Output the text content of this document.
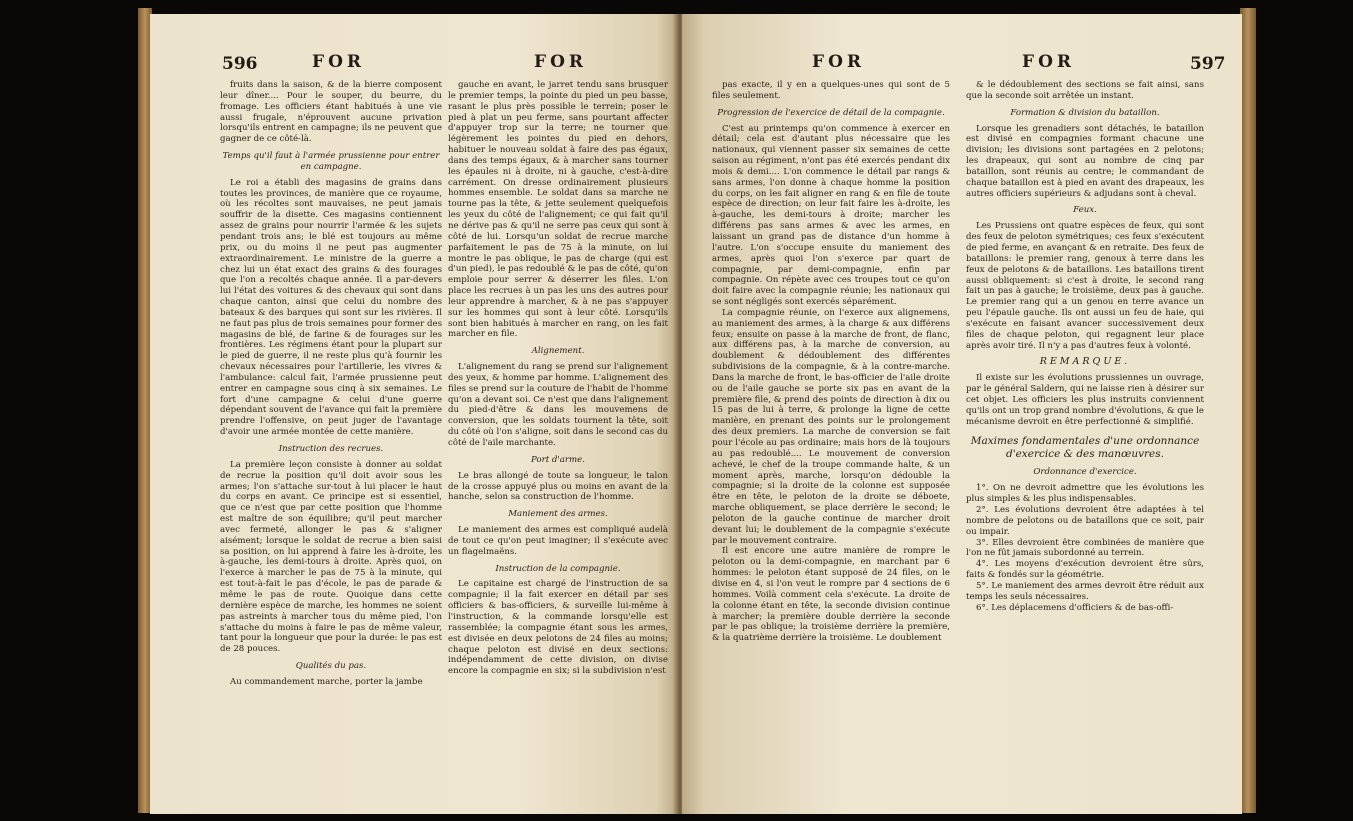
596	FOR	FOR

fruits dans la saison, & de la bierre composent leur dîner.... Pour le souper, du beurre, du fromage. Les officiers étant habitués à une vie aussi frugale, n'éprouvent aucune privation lorsqu'ils entrent en campagne; ils ne peuvent que gagner de ce côté-là.

Temps qu'il faut à l'armée prussienne pour entrer en campagne.

Le roi a établi des magasins de grains dans toutes les provinces, de manière que ce royaume, où les récoltes sont mauvaises, ne peut jamais souffrir de la disette. Ces magasins contiennent assez de grains pour nourrir l'armée & les sujets pendant trois ans; le blé est toujours au même prix, ou du moins il ne peut pas augmenter extraordinairement. Le ministre de la guerre a chez lui un état exact des grains & des fourages que l'on a recoltés chaque année. Il a par-devers lui l'état des voitures & des chevaux qui sont dans chaque canton, ainsi que celui du nombre des bateaux & des barques qui sont sur les rivières. Il ne faut pas plus de trois semaines pour former des magasins de blé, de farine & de fourages sur les frontières. Les régimens étant pour la plupart sur le pied de guerre, il ne reste plus qu'à fournir les chevaux nécessaires pour l'artillerie, les vivres & l'ambulance: calcul fait, l'armée prussienne peut entrer en campagne sous cinq à six semaines. Le fort d'une campagne & celui d'une guerre dépendant souvent de l'avance qui fait la première prendre l'offensive, on peut juger de l'avantage d'avoir une armée montée de cette manière.

Instruction des recrues.

La première leçon consiste à donner au soldat de recrue la position qu'il doit avoir sous les armes; l'on s'attache sur-tout à lui placer le haut du corps en avant. Ce principe est si essentiel, que ce n'est que par cette position que l'homme est maître de son équilibre; qu'il peut marcher avec fermeté, allonger le pas & s'aligner aisément; lorsque le soldat de recrue a bien saisi sa position, on lui apprend à faire les à-droite, les à-gauche, les demi-tours à droite. Après quoi, on l'exerce à marcher le pas de 75 à la minute, qui est tout-à-fait le pas d'école, le pas de parade & même le pas de route. Quoique dans cette dernière espèce de marche, les hommes ne soient pas astreints à marcher tous du même pied, l'on s'attache du moins à faire le pas de même valeur, tant pour la longueur que pour la durée: le pas est de 28 pouces.

Qualités du pas.

Au commandement marche, porter la jambe

gauche en avant, le jarret tendu sans brusquer le premier temps, la pointe du pied un peu basse, rasant le plus près possible le terrein; poser le pied à plat un peu ferme, sans pourtant affecter d'appuyer trop sur la terre; ne tourner que légèrement les pointes du pied en dehors, habituer le nouveau soldat à faire des pas égaux, dans des temps égaux, & à marcher sans tourner les épaules ni à droite, ni à gauche, c'est-à-dire carrément. On dresse ordinairement plusieurs hommes ensemble. Le soldat dans sa marche ne tourne pas la tête, & jette seulement quelquefois les yeux du côté de l'alignement; ce qui fait qu'il ne dérive pas & qu'il ne serre pas ceux qui sont à côté de lui. Lorsqu'un soldat de recrue marche parfaitement le pas de 75 à la minute, on lui montre le pas oblique, le pas de charge (qui est d'un pied), le pas redoublé & le pas de côté, qu'on emploie pour serrer & déserrer les files. L'on place les recrues à un pas les uns des autres pour leur apprendre à marcher, & à ne pas s'appuyer sur les hommes qui sont à leur côté. Lorsqu'ils sont bien habitués à marcher en rang, on les fait marcher en file.

Alignement.

L'alignement du rang se prend sur l'alignement des yeux, & homme par homme. L'alignement des files se prend sur la couture de l'habit de l'homme qu'on a devant soi. Ce n'est que dans l'alignement du pied-d'être & dans les mouvemens de conversion, que les soldats tournent la tête, soit du côté où l'on s'aligne, soit dans le second cas du côté de l'aile marchante.

Port d'arme.

Le bras allongé de toute sa longueur, le talon de la crosse appuyé plus ou moins en avant de la hanche, selon sa construction de l'homme.

Maniement des armes.

Le maniement des armes est compliqué audelà de tout ce qu'on peut imaginer; il s'exécute avec un flagelmaëns.

Instruction de la compagnie.

Le capitaine est chargé de l'instruction de sa compagnie; il la fait exercer en détail par ses officiers & bas-officiers, & surveille lui-même à l'instruction, & la commande lorsqu'elle est rassemblée; la compagnie étant sous les armes, est divisée en deux pelotons de 24 files au moins; chaque peloton est divisé en deux sections: indépendamment de cette division, on divise encore la compagnie en six; si la subdivision n'est

FOR	FOR	597

pas exacte, il y en a quelques-unes qui sont de 5 files seulement.

Progression de l'exercice de détail de la compagnie.

C'est au printemps qu'on commence à exercer en détail; cela est d'autant plus nécessaire que les nationaux, qui viennent passer six semaines de cette saison au régiment, n'ont pas été exercés pendant dix mois & demi.... L'on commence le détail par rangs & sans armes, l'on donne à chaque homme la position du corps, on les fait aligner en rang & en file de toute espèce de direction; on leur fait faire les à-droite, les à-gauche, les demi-tours à droite; marcher les différens pas sans armes & avec les armes, en laissant un grand pas de distance d'un homme à l'autre. L'on s'occupe ensuite du maniement des armes, après quoi l'on s'exerce par quart de compagnie, par demi-compagnie, enfin par compagnie. On répète avec ces troupes tout ce qu'on doit faire avec la compagnie réunie; les nationaux qui se sont négligés sont exercés séparément.

La compagnie réunie, on l'exerce aux alignemens, au maniement des armes, à la charge & aux différens feux; ensuite on passe à la marche de front, de flanc, aux différens pas, à la marche de conversion, au doublement & dédoublement des différentes subdivisions de la compagnie, & à la contre-marche. Dans la marche de front, le bas-officier de l'aile droite ou de l'aile gauche se porte six pas en avant de la première file, & prend des points de direction à dix ou 15 pas de lui à terre, & prolonge la ligne de cette manière, en prenant des points sur le prolongement des deux premiers. La marche de conversion se fait pour l'école au pas ordinaire; mais hors de là toujours au pas redoublé.... Le mouvement de conversion achevé, le chef de la troupe commande halte, & un moment après, marche, lorsqu'on dédouble la compagnie; si la droite de la colonne est supposée être en tête, le peloton de la droite se déboete, marche obliquement, se place derrière le second; le peloton de la gauche continue de marcher droit devant lui; le doublement de la compagnie s'exécute par le mouvement contraire.

Il est encore une autre manière de rompre le peloton ou la demi-compagnie, en marchant par 6 hommes: le peloton étant supposé de 24 files, on le divise en 4, si l'on veut le rompre par 4 sections de 6 hommes. Voilà comment cela s'exécute. La droite de la colonne étant en tête, la seconde division continue à marcher; la première double derrière la seconde par le pas oblique; la troisième derrière la première, & la quatrième derrière la troisième. Le doublement

& le dédoublement des sections se fait ainsi, sans que la seconde soit arrêtée un instant.

Formation & division du bataillon.

Lorsque les grenadiers sont détachés, le bataillon est divisé en compagnies formant chacune une division; les divisions sont partagées en 2 pelotons; les drapeaux, qui sont au nombre de cinq par bataillon, sont réunis au centre; le commandant de chaque bataillon est à pied en avant des drapeaux, les autres officiers supérieurs & adjudans sont à cheval.

Feux.

Les Prussiens ont quatre espèces de feux, qui sont des feux de peloton symétriques; ces feux s'exécutent de pied ferme, en avançant & en retraite. Des feux de bataillons: le premier rang, genoux à terre dans les feux de pelotons & de bataillons. Les bataillons tirent aussi obliquement: si c'est à droite, le second rang fait un pas à gauche; le troisième, deux pas à gauche. Le premier rang qui a un genou en terre avance un peu l'épaule gauche. Ils ont aussi un feu de haie, qui s'exécute en faisant avancer successivement deux files de chaque peloton, qui regagnent leur place après avoir tiré. Il n'y a pas d'autres feux à volonté.

REMARQUE.

Il existe sur les évolutions prussiennes un ouvrage, par le général Saldern, qui ne laisse rien à désirer sur cet objet. Les officiers les plus instruits conviennent qu'ils ont un trop grand nombre d'évolutions, & que le mécanisme devroit en être perfectionné & simplifié.

Maximes fondamentales d'une ordonnance d'exercice & des manœuvres.

Ordonnance d'exercice.

1°. On ne devroit admettre que les évolutions les plus simples & les plus indispensables.

2°. Les évolutions devroient être adaptées à tel nombre de pelotons ou de bataillons que ce soit, pair ou impair.

3°. Elles devroient être combinées de manière que l'on ne fût jamais subordonné au terrein.

4°. Les moyens d'exécution devroient être sûrs, faits & fondés sur la géométrie.

5°. Le maniement des armes devroit être réduit aux temps les seuls nécessaires.

6°. Les déplacemens d'officiers & de bas-offi-
